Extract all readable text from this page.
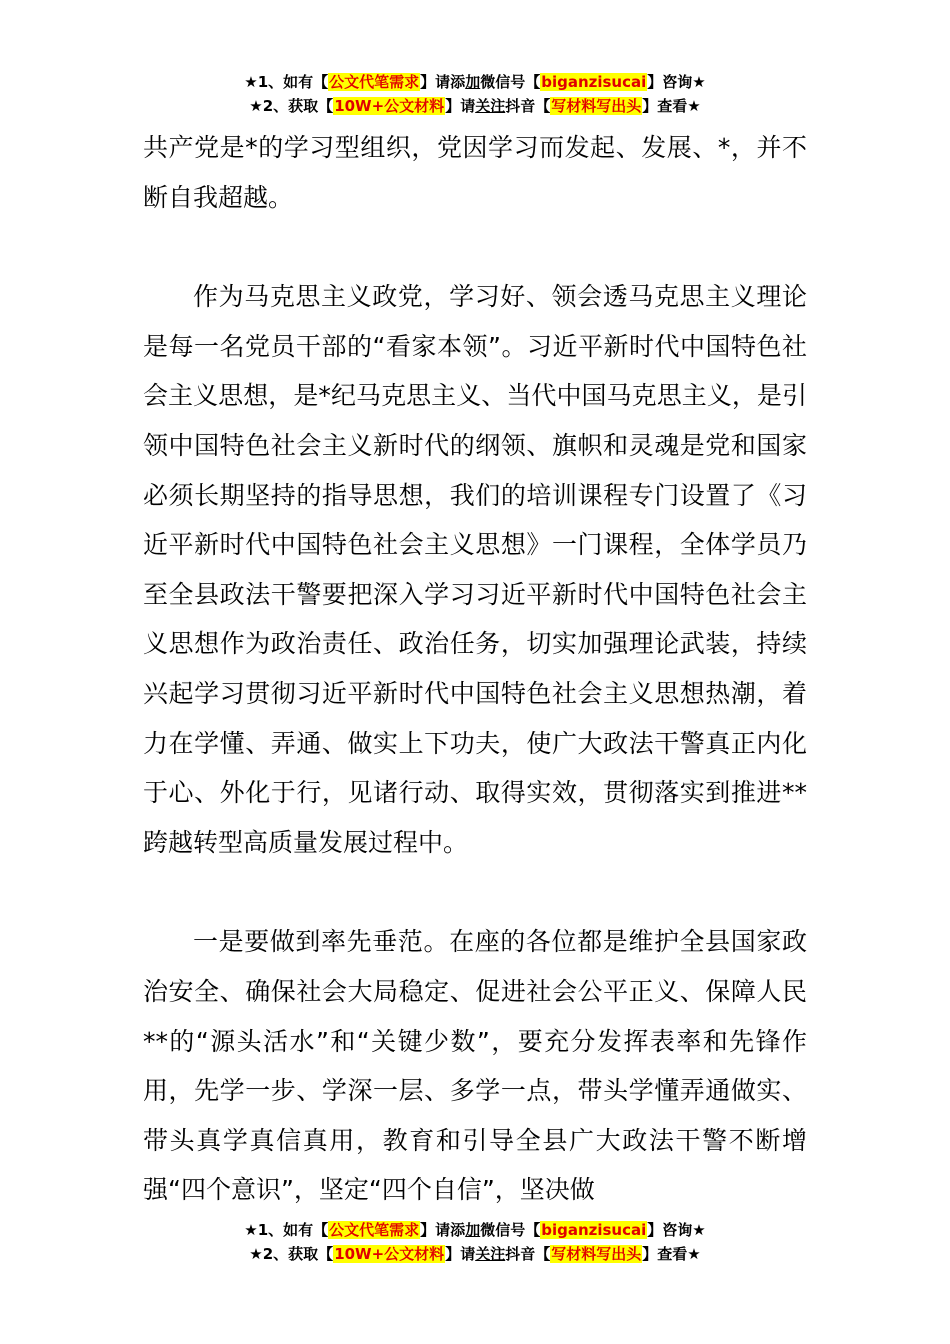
★1、如有【公文代笔需求】请添加微信号【biganzisucai】咨询★
★2、获取【10W+公文材料】请关注抖音【写材料写出头】查看★

共产党是*的学习型组织，党因学习而发起、发展、*，并不断自我超越。

作为马克思主义政党，学习好、领会透马克思主义理论是每一名党员干部的“看家本领”。习近平新时代中国特色社会主义思想，是*纪马克思主义、当代中国马克思主义，是引领中国特色社会主义新时代的纲领、旗帜和灵魂是党和国家必须长期坚持的指导思想，我们的培训课程专门设置了《习近平新时代中国特色社会主义思想》一门课程，全体学员乃至全县政法干警要把深入学习习近平新时代中国特色社会主义思想作为政治责任、政治任务，切实加强理论武装，持续兴起学习贯彻习近平新时代中国特色社会主义思想热潮，着力在学懂、弄通、做实上下功夫，使广大政法干警真正内化于心、外化于行，见诸行动、取得实效，贯彻落实到推进**跨越转型高质量发展过程中。

一是要做到率先垂范。在座的各位都是维护全县国家政治安全、确保社会大局稳定、促进社会公平正义、保障人民**的“源头活水”和“关键少数”，要充分发挥表率和先锋作用，先学一步、学深一层、多学一点，带头学懂弄通做实、带头真学真信真用，教育和引导全县广大政法干警不断增强“四个意识”，坚定“四个自信”，坚决做

★1、如有【公文代笔需求】请添加微信号【biganzisucai】咨询★
★2、获取【10W+公文材料】请关注抖音【写材料写出头】查看★
